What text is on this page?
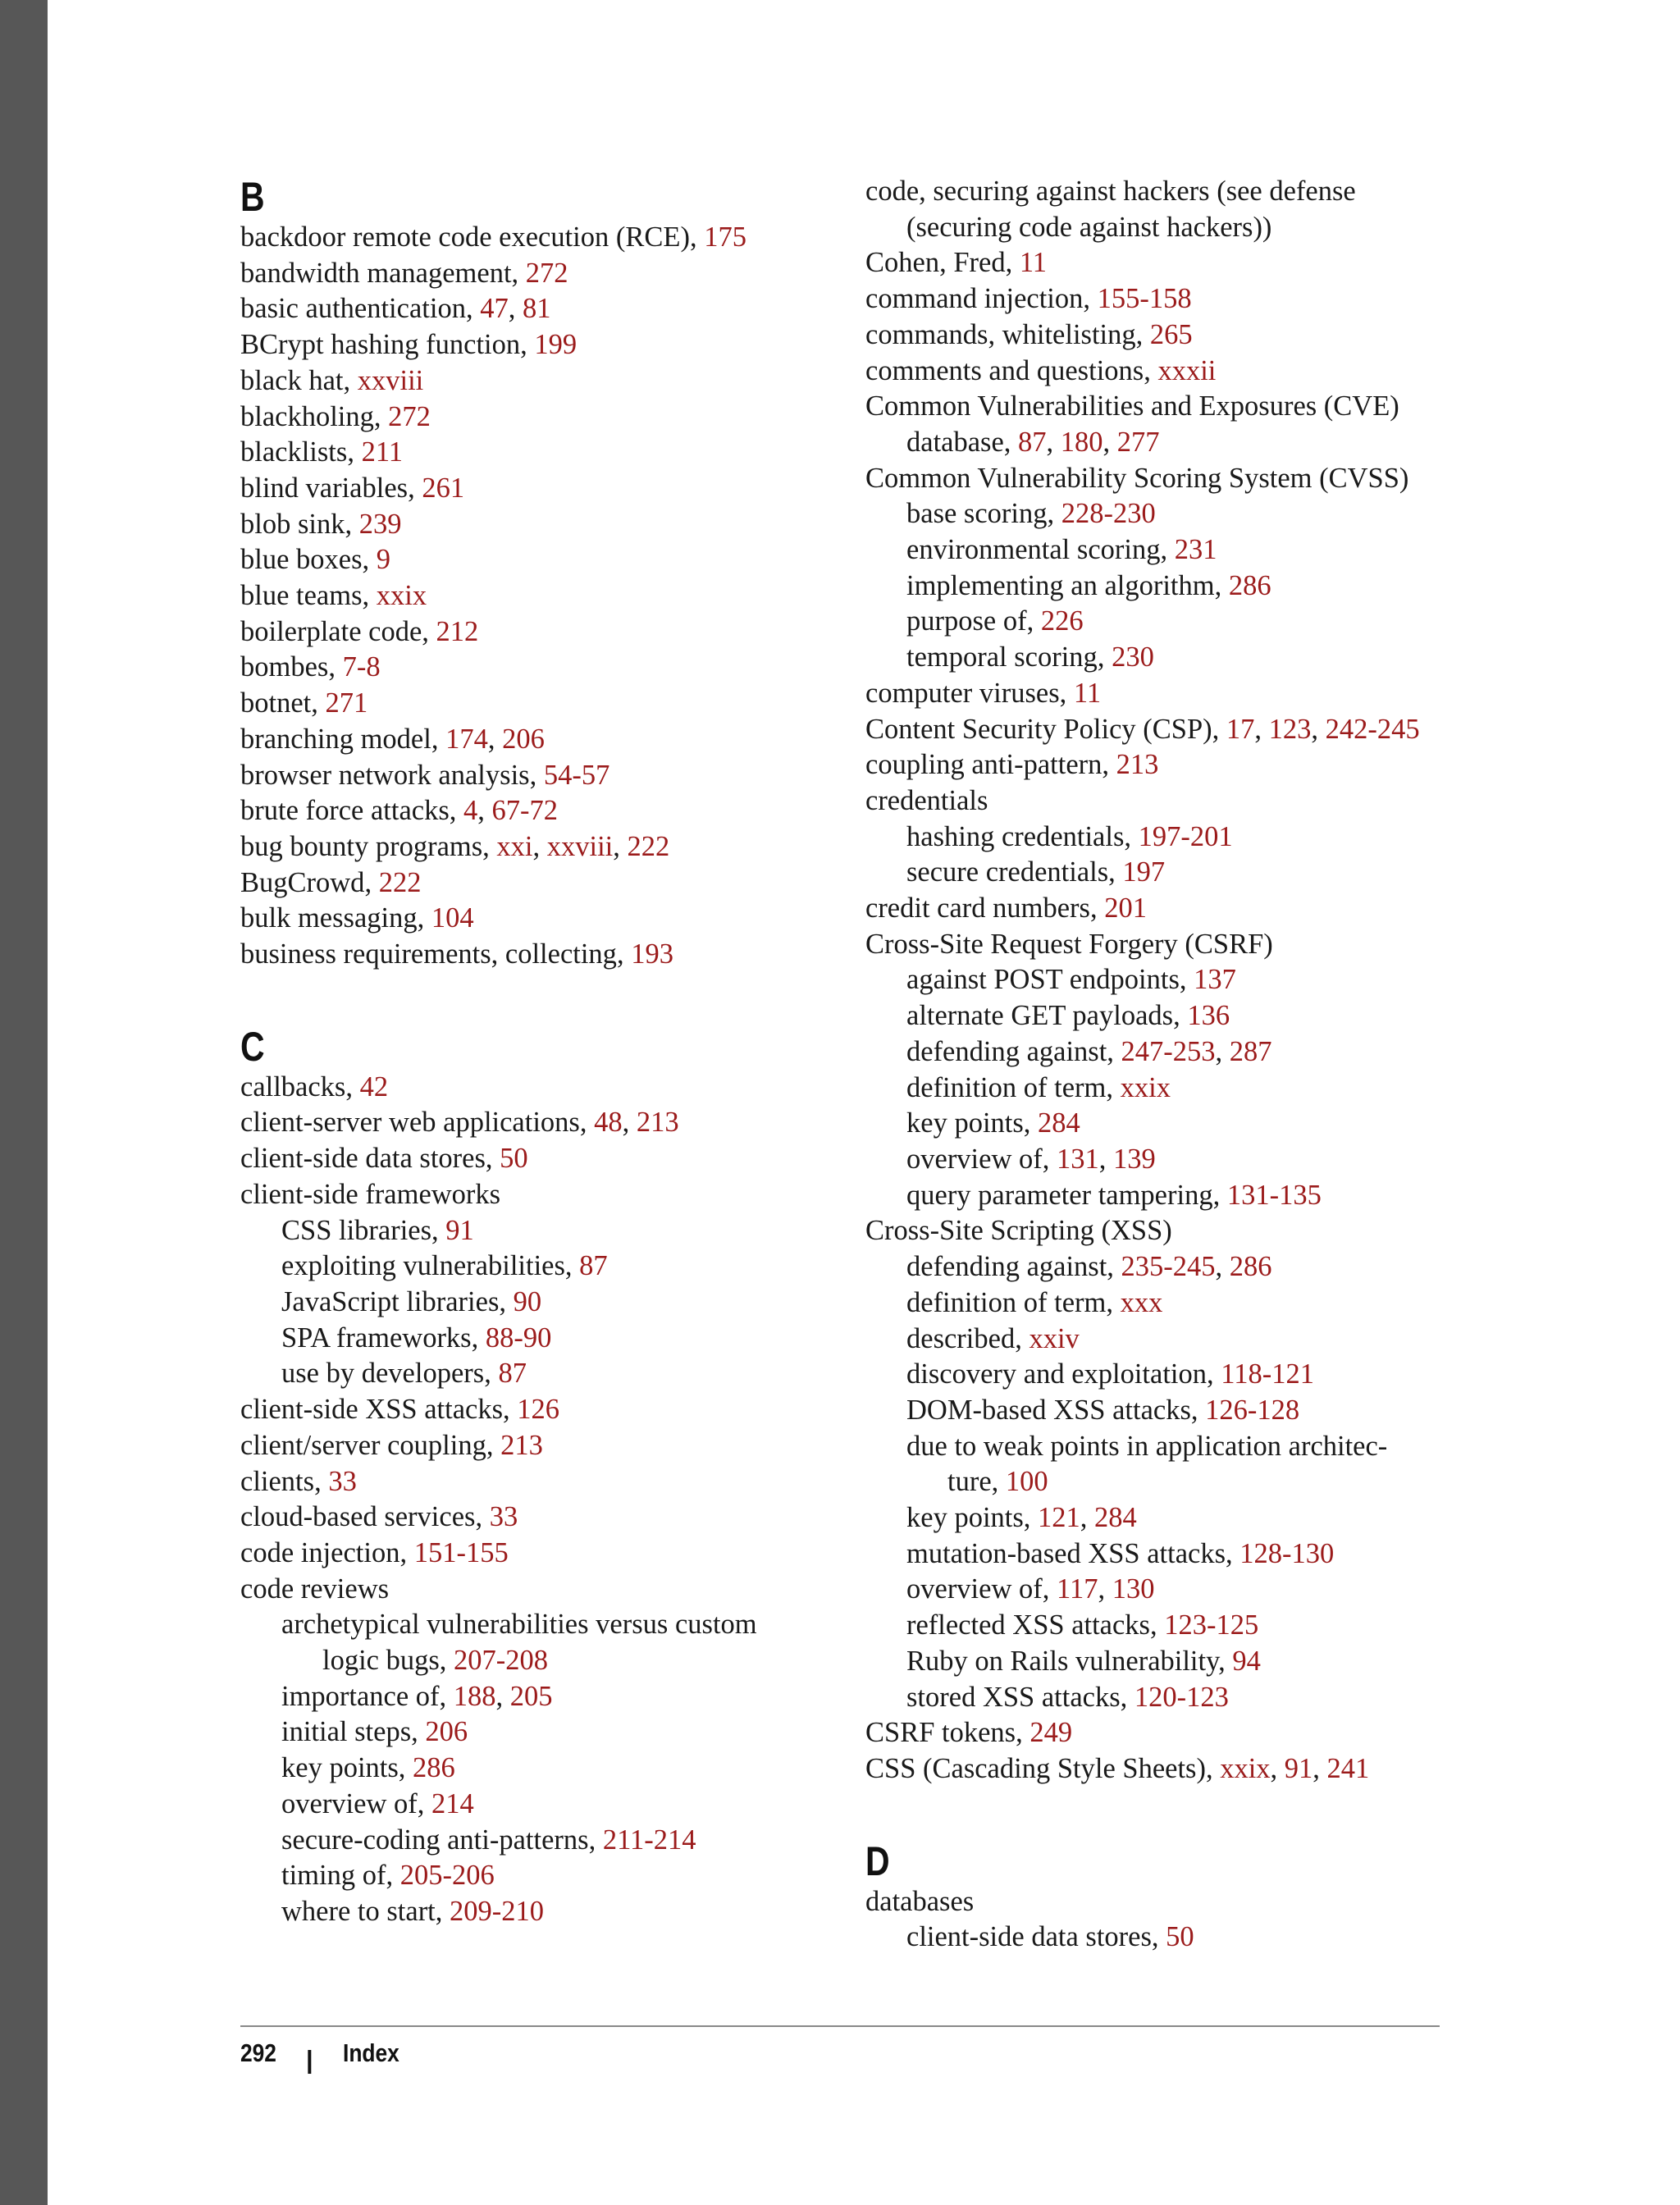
B
backdoor remote code execution (RCE), 175
bandwidth management, 272
basic authentication, 47, 81
BCrypt hashing function, 199
black hat, xxviii
blackholing, 272
blacklists, 211
blind variables, 261
blob sink, 239
blue boxes, 9
blue teams, xxix
boilerplate code, 212
bombes, 7-8
botnet, 271
branching model, 174, 206
browser network analysis, 54-57
brute force attacks, 4, 67-72
bug bounty programs, xxi, xxviii, 222
BugCrowd, 222
bulk messaging, 104
business requirements, collecting, 193
C
callbacks, 42
client-server web applications, 48, 213
client-side data stores, 50
client-side frameworks
CSS libraries, 91
exploiting vulnerabilities, 87
JavaScript libraries, 90
SPA frameworks, 88-90
use by developers, 87
client-side XSS attacks, 126
client/server coupling, 213
clients, 33
cloud-based services, 33
code injection, 151-155
code reviews
archetypical vulnerabilities versus custom
logic bugs, 207-208
importance of, 188, 205
initial steps, 206
key points, 286
overview of, 214
secure-coding anti-patterns, 211-214
timing of, 205-206
where to start, 209-210
code, securing against hackers (see defense
(securing code against hackers))
Cohen, Fred, 11
command injection, 155-158
commands, whitelisting, 265
comments and questions, xxxii
Common Vulnerabilities and Exposures (CVE)
database, 87, 180, 277
Common Vulnerability Scoring System (CVSS)
base scoring, 228-230
environmental scoring, 231
implementing an algorithm, 286
purpose of, 226
temporal scoring, 230
computer viruses, 11
Content Security Policy (CSP), 17, 123, 242-245
coupling anti-pattern, 213
credentials
hashing credentials, 197-201
secure credentials, 197
credit card numbers, 201
Cross-Site Request Forgery (CSRF)
against POST endpoints, 137
alternate GET payloads, 136
defending against, 247-253, 287
definition of term, xxix
key points, 284
overview of, 131, 139
query parameter tampering, 131-135
Cross-Site Scripting (XSS)
defending against, 235-245, 286
definition of term, xxx
described, xxiv
discovery and exploitation, 118-121
DOM-based XSS attacks, 126-128
due to weak points in application architec-
ture, 100
key points, 121, 284
mutation-based XSS attacks, 128-130
overview of, 117, 130
reflected XSS attacks, 123-125
Ruby on Rails vulnerability, 94
stored XSS attacks, 120-123
CSRF tokens, 249
CSS (Cascading Style Sheets), xxix, 91, 241
D
databases
client-side data stores, 50
292 | Index
